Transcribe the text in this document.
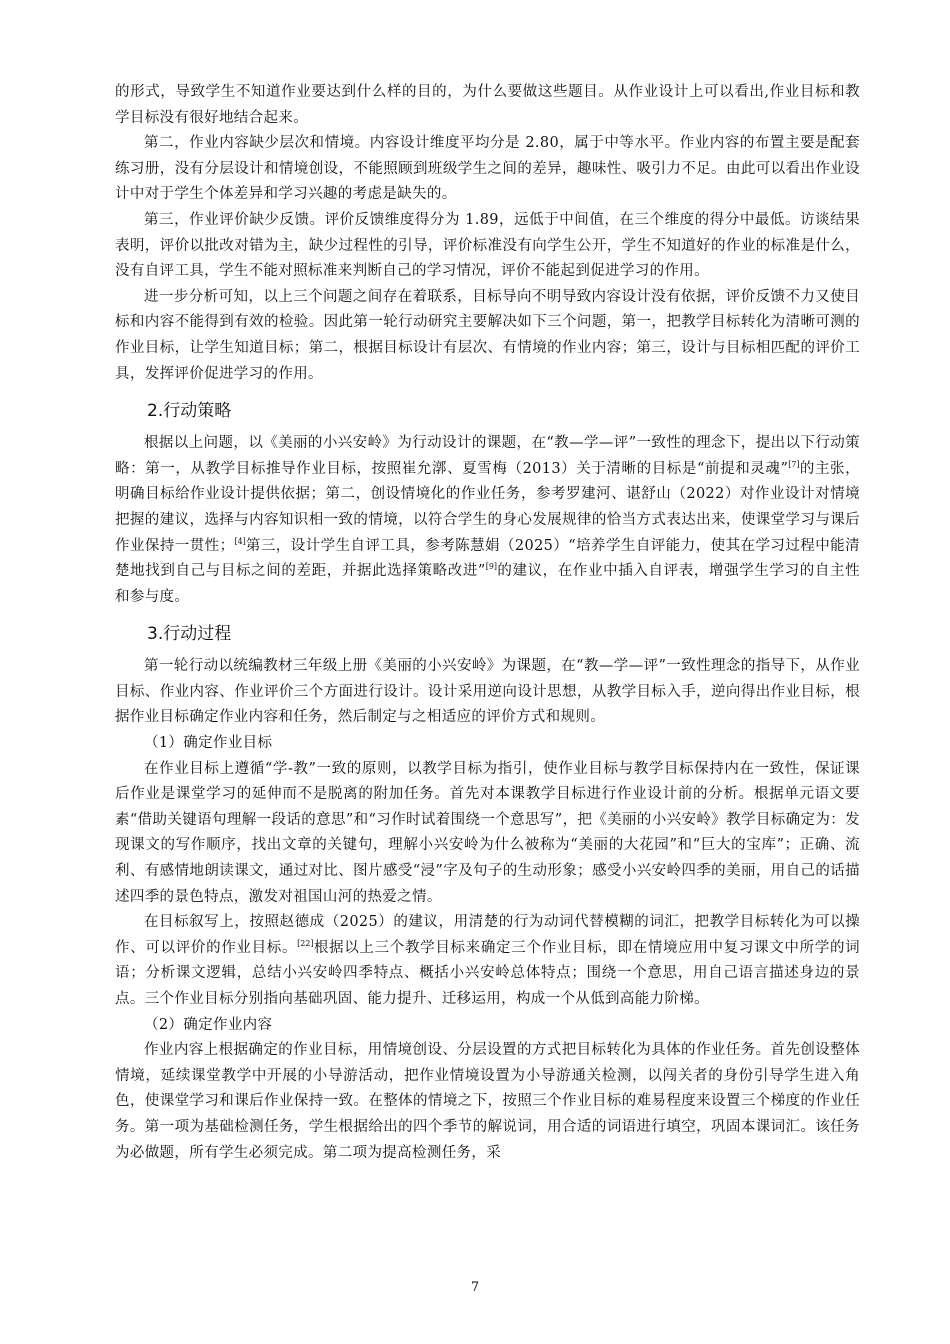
的形式，导致学生不知道作业要达到什么样的目的，为什么要做这些题目。从作业设计上可以看出,作业目标和教学目标没有很好地结合起来。

第二，作业内容缺少层次和情境。内容设计维度平均分是 2.80，属于中等水平。作业内容的布置主要是配套练习册，没有分层设计和情境创设，不能照顾到班级学生之间的差异，趣味性、吸引力不足。由此可以看出作业设计中对于学生个体差异和学习兴趣的考虑是缺失的。

第三，作业评价缺少反馈。评价反馈维度得分为 1.89，远低于中间值，在三个维度的得分中最低。访谈结果表明，评价以批改对错为主，缺少过程性的引导，评价标准没有向学生公开，学生不知道好的作业的标准是什么，没有自评工具，学生不能对照标准来判断自己的学习情况，评价不能起到促进学习的作用。

进一步分析可知，以上三个问题之间存在着联系，目标导向不明导致内容设计没有依据，评价反馈不力又使目标和内容不能得到有效的检验。因此第一轮行动研究主要解决如下三个问题，第一，把教学目标转化为清晰可测的作业目标，让学生知道目标；第二，根据目标设计有层次、有情境的作业内容；第三，设计与目标相匹配的评价工具，发挥评价促进学习的作用。

2.行动策略

根据以上问题，以《美丽的小兴安岭》为行动设计的课题，在“教—学—评”一致性的理念下，提出以下行动策略：第一，从教学目标推导作业目标，按照崔允漷、夏雪梅（2013）关于清晰的目标是“前提和灵魂”[7]的主张，明确目标给作业设计提供依据；第二，创设情境化的作业任务，参考罗建河、谌舒山（2022）对作业设计对情境把握的建议，选择与内容知识相一致的情境，以符合学生的身心发展规律的恰当方式表达出来，使课堂学习与课后作业保持一贯性；[4]第三，设计学生自评工具，参考陈慧娟（2025）“培养学生自评能力，使其在学习过程中能清楚地找到自己与目标之间的差距，并据此选择策略改进”[9]的建议，在作业中插入自评表，增强学生学习的自主性和参与度。

3.行动过程

第一轮行动以统编教材三年级上册《美丽的小兴安岭》为课题，在“教—学—评”一致性理念的指导下，从作业目标、作业内容、作业评价三个方面进行设计。设计采用逆向设计思想，从教学目标入手，逆向得出作业目标，根据作业目标确定作业内容和任务，然后制定与之相适应的评价方式和规则。

（1）确定作业目标

在作业目标上遵循“学-教”一致的原则，以教学目标为指引，使作业目标与教学目标保持内在一致性，保证课后作业是课堂学习的延伸而不是脱离的附加任务。首先对本课教学目标进行作业设计前的分析。根据单元语文要素“借助关键语句理解一段话的意思”和“习作时试着围绕一个意思写”，把《美丽的小兴安岭》教学目标确定为：发现课文的写作顺序，找出文章的关键句，理解小兴安岭为什么被称为“美丽的大花园”和“巨大的宝库”；正确、流利、有感情地朗读课文，通过对比、图片感受“浸”字及句子的生动形象；感受小兴安岭四季的美丽，用自己的话描述四季的景色特点，激发对祖国山河的热爱之情。

在目标叙写上，按照赵德成（2025）的建议，用清楚的行为动词代替模糊的词汇，把教学目标转化为可以操作、可以评价的作业目标。[22]根据以上三个教学目标来确定三个作业目标，即在情境应用中复习课文中所学的词语；分析课文逻辑，总结小兴安岭四季特点、概括小兴安岭总体特点；围绕一个意思，用自己语言描述身边的景点。三个作业目标分别指向基础巩固、能力提升、迁移运用，构成一个从低到高能力阶梯。

（2）确定作业内容

作业内容上根据确定的作业目标，用情境创设、分层设置的方式把目标转化为具体的作业任务。首先创设整体情境，延续课堂教学中开展的小导游活动，把作业情境设置为小导游通关检测，以闯关者的身份引导学生进入角色，使课堂学习和课后作业保持一致。在整体的情境之下，按照三个作业目标的难易程度来设置三个梯度的作业任务。第一项为基础检测任务，学生根据给出的四个季节的解说词，用合适的词语进行填空，巩固本课词汇。该任务为必做题，所有学生必须完成。第二项为提高检测任务，采

7
